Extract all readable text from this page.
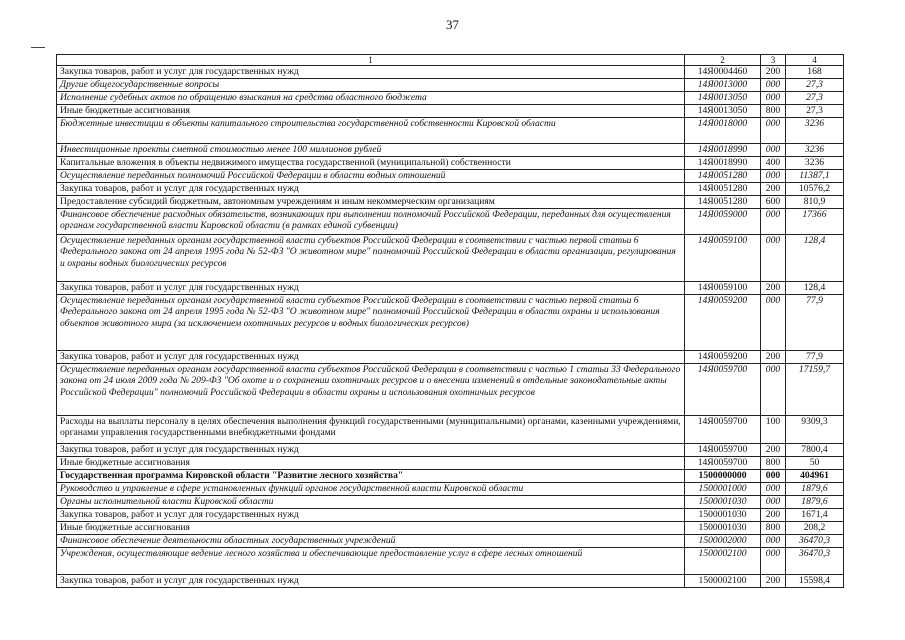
37
1	2	3	4
Закупка товаров, работ и услуг для государственных нужд	14Я0004460	200	168
Другие общегосударственные вопросы	14Я0013000	000	27,3
Исполнение судебных актов по обращению взыскания на средства областного бюджета	14Я0013050	000	27,3
Иные бюджетные ассигнования	14Я0013050	800	27,3
Бюджетные инвестиции в объекты капитального строительства государственной собственности Кировской области	14Я0018000	000	3236
Инвестиционные проекты сметной стоимостью менее 100 миллионов рублей	14Я0018990	000	3236
Капитальные вложения в объекты недвижимого имущества государственной (муниципальной) собственности	14Я0018990	400	3236
Осуществление переданных полномочий Российской Федерации в области водных отношений	14Я0051280	000	11387,1
Закупка товаров, работ и услуг для государственных нужд	14Я0051280	200	10576,2
Предоставление субсидий бюджетным, автономным учреждениям и иным некоммерческим организациям	14Я0051280	600	810,9
Финансовое обеспечение расходных обязательств, возникающих при выполнении полномочий Российской Федерации, переданных для осуществления органам государственной власти Кировской области (в рамках единой субвенции)	14Я0059000	000	17366
Осуществление переданных органам государственной власти субъектов Российской Федерации в соответствии с частью первой статьи 6 Федерального закона от 24 апреля 1995 года № 52-ФЗ "О животном мире" полномочий Российской Федерации в области организации, регулирования и охраны водных биологических ресурсов	14Я0059100	000	128,4
Закупка товаров, работ и услуг для государственных нужд	14Я0059100	200	128,4
Осуществление переданных органам государственной власти субъектов Российской Федерации в соответствии с частью первой статьи 6 Федерального закона от 24 апреля 1995 года № 52-ФЗ "О животном мире" полномочий Российской Федерации в области охраны и использования объектов животного мира (за исключением охотничьих ресурсов и водных биологических ресурсов)	14Я0059200	000	77,9
Закупка товаров, работ и услуг для государственных нужд	14Я0059200	200	77,9
Осуществление переданных органам государственной власти субъектов Российской Федерации в соответствии с частью 1 статьи 33 Федерального закона от 24 июля 2009 года № 209-ФЗ "Об охоте и о сохранении охотничьих ресурсов и о внесении изменений в отдельные законодательные акты Российской Федерации" полномочий Российской Федерации в области охраны и использования охотничьих ресурсов	14Я0059700	000	17159,7
Расходы на выплаты персоналу в целях обеспечения выполнения функций государственными (муниципальными) органами, казенными учреждениями, органами управления государственными внебюджетными фондами	14Я0059700	100	9309,3
Закупка товаров, работ и услуг для государственных нужд	14Я0059700	200	7800,4
Иные бюджетные ассигнования	14Я0059700	800	50
Государственная программа Кировской области "Развитие лесного хозяйства"	1500000000	000	404961
Руководство и управление в сфере установленных функций органов государственной власти Кировской области	1500001000	000	1879,6
Органы исполнительной власти Кировской области	1500001030	000	1879,6
Закупка товаров, работ и услуг для государственных нужд	1500001030	200	1671,4
Иные бюджетные ассигнования	1500001030	800	208,2
Финансовое обеспечение деятельности областных государственных учреждений	1500002000	000	36470,3
Учреждения, осуществляющие ведение лесного хозяйства и обеспечивающие предоставление услуг в сфере лесных отношений	1500002100	000	36470,3
Закупка товаров, работ и услуг для государственных нужд	1500002100	200	15598,4
